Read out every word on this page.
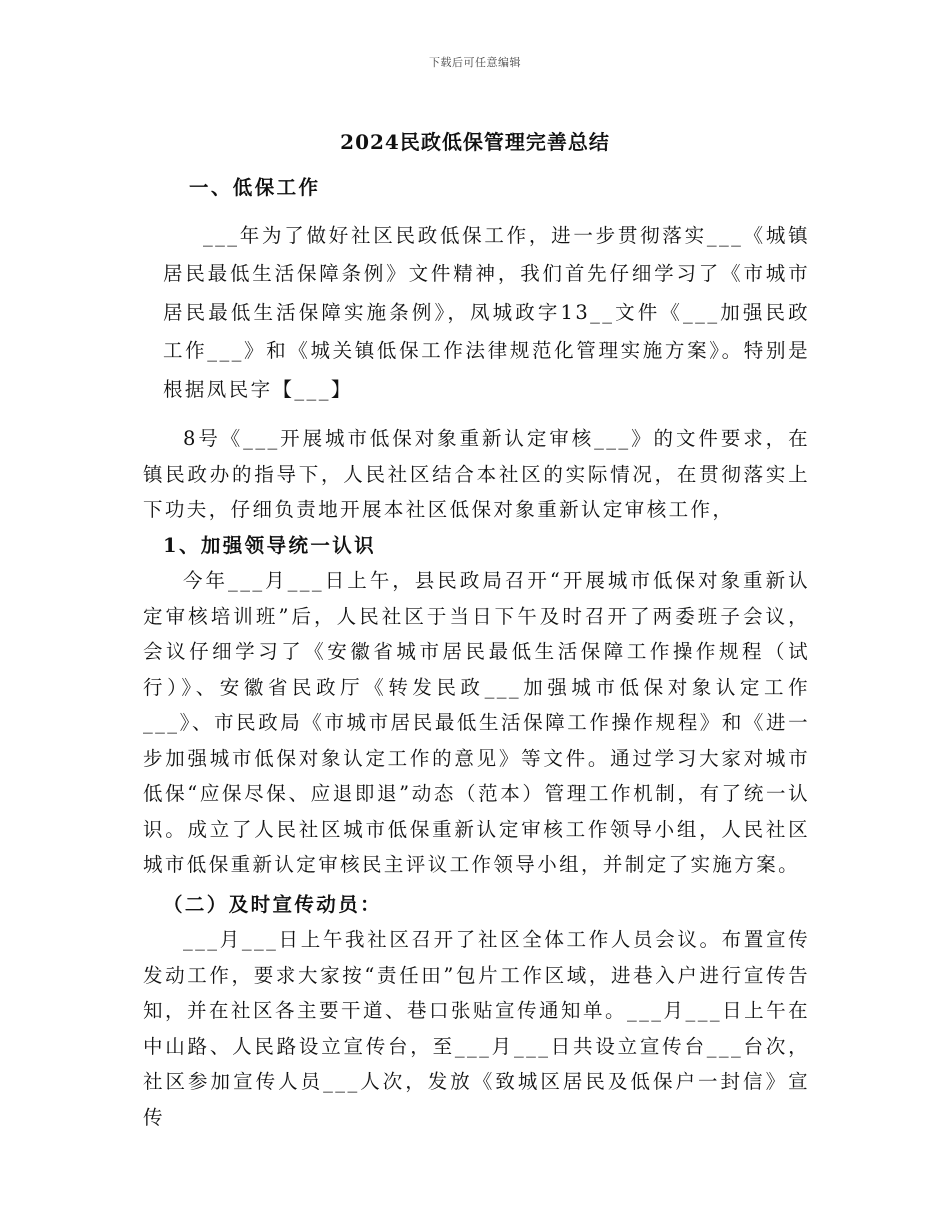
下载后可任意编辑
2024民政低保管理完善总结
一、低保工作

___年为了做好社区民政低保工作，进一步贯彻落实___《城镇居民最低生活保障条例》文件精神，我们首先仔细学习了《市城市居民最低生活保障实施条例》，凤城政字13__文件《___加强民政工作___》和《城关镇低保工作法律规范化管理实施方案》。特别是根据凤民字【___】

8号《___开展城市低保对象重新认定审核___》的文件要求，在镇民政办的指导下，人民社区结合本社区的实际情况，在贯彻落实上下功夫，仔细负责地开展本社区低保对象重新认定审核工作，

1、加强领导统一认识

今年___月___日上午，县民政局召开“开展城市低保对象重新认定审核培训班”后，人民社区于当日下午及时召开了两委班子会议，会议仔细学习了《安徽省城市居民最低生活保障工作操作规程（试行）》、安徽省民政厅《转发民政___加强城市低保对象认定工作___》、市民政局《市城市居民最低生活保障工作操作规程》和《进一步加强城市低保对象认定工作的意见》等文件。通过学习大家对城市低保“应保尽保、应退即退”动态（范本）管理工作机制，有了统一认识。成立了人民社区城市低保重新认定审核工作领导小组，人民社区城市低保重新认定审核民主评议工作领导小组，并制定了实施方案。

（二）及时宣传动员：

___月___日上午我社区召开了社区全体工作人员会议。布置宣传发动工作，要求大家按“责任田”包片工作区域，进巷入户进行宣传告知，并在社区各主要干道、巷口张贴宣传通知单。___月___日上午在中山路、人民路设立宣传台，至___月___日共设立宣传台___台次，社区参加宣传人员___人次，发放《致城区居民及低保户一封信》宣传
